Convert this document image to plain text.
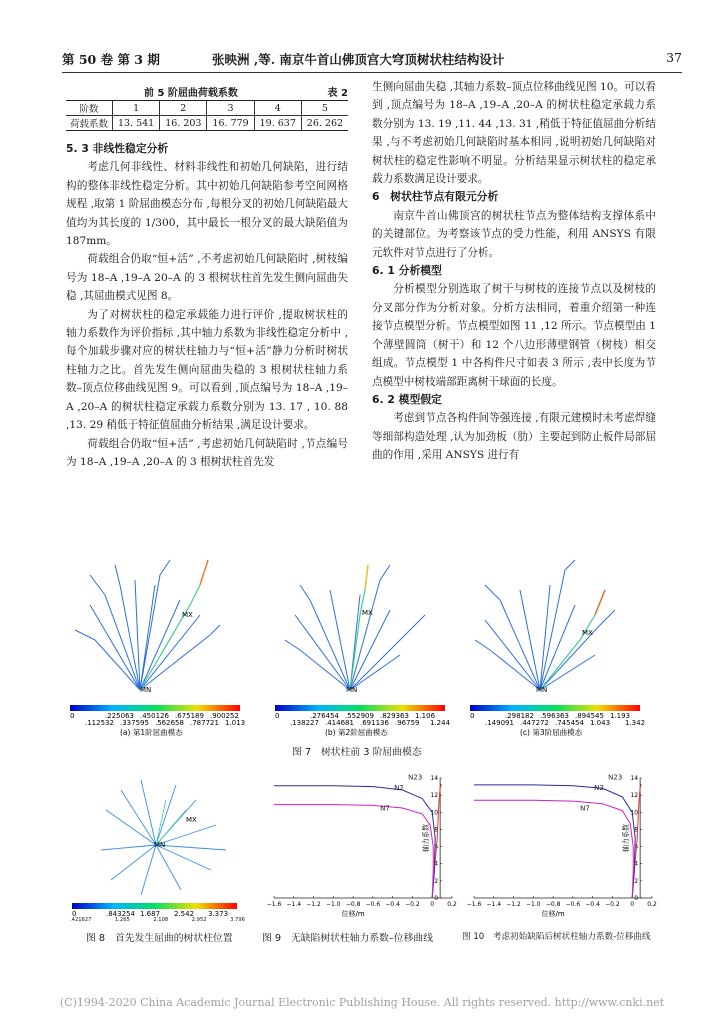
第 50 卷 第 3 期	张映洲 ,等. 南京牛首山佛顶宫大穹顶树状柱结构设计	37
前 5 阶屈曲荷载系数	表 2
阶数	1	2	3	4	5
荷载系数	13. 541	16. 203	16. 779	19. 637	26. 262
5. 3 非线性稳定分析

考虑几何非线性、材料非线性和初始几何缺陷，进行结构的整体非线性稳定分析。其中初始几何缺陷参考空间网格规程 ,取第 1 阶屈曲模态分布 ,每根分叉的初始几何缺陷最大值均为其长度的 1/300，其中最长一根分叉的最大缺陷值为 187mm。

荷载组合仍取“恒+活” ,不考虑初始几何缺陷时 ,树枝编号为 18–A ,19–A 20–A 的 3 根树状柱首先发生侧向屈曲失稳 ,其屈曲模式见图 8。

为了对树状柱的稳定承载能力进行评价 ,提取树状柱的轴力系数作为评价指标 ,其中轴力系数为非线性稳定分析中 ,每个加载步骤对应的树状柱轴力与“恒+活”静力分析时树状柱轴力之比。首先发生侧向屈曲失稳的 3 根树状柱轴力系数–顶点位移曲线见图 9。可以看到 ,顶点编号为 18–A ,19–A ,20–A 的树状柱稳定承载力系数分别为 13. 17 , 10. 88 ,13. 29 稍低于特征值屈曲分析结果 ,满足设计要求。

荷载组合仍取“恒+活” ,考虑初始几何缺陷时 ,节点编号为 18–A ,19–A ,20–A 的 3 根树状柱首先发

生侧向屈曲失稳 ,其轴力系数–顶点位移曲线见图 10。可以看到 ,顶点编号为 18–A ,19–A ,20–A 的树状柱稳定承载力系数分别为 13. 19 ,11. 44 ,13. 31 ,稍低于特征值屈曲分析结果 ,与不考虑初始几何缺陷时基本相同 ,说明初始几何缺陷对树状柱的稳定性影响不明显。分析结果显示树状柱的稳定承载力系数满足设计要求。

6　树状柱节点有限元分析

南京牛首山佛顶宫的树状柱节点为整体结构支撑体系中的关键部位。为考察该节点的受力性能，利用 ANSYS 有限元软件对节点进行了分析。

6. 1 分析模型

分析模型分别选取了树干与树枝的连接节点以及树枝的分叉部分作为分析对象。分析方法相同，着重介绍第一种连接节点模型分析。节点模型如图 11 ,12 所示。节点模型由 1 个薄壁圆筒（树干）和 12 个八边形薄壁钢管（树枝）相交组成。节点模型 1 中各构件尺寸如表 3 所示 ,表中长度为节点模型中树枝端部距离树干球面的长度。

6. 2 模型假定

考虑到节点各构件间等强连接 ,有限元建模时未考虑焊缝等细部构造处理 ,认为加劲板（肋）主要起到防止板件局部屈曲的作用 ,采用 ANSYS 进行有

MX
MN
0	.225063 .450126 .675189 .900252
.112532 .337595 .562658 .787721 1.013
(a) 第1阶屈曲模态
MX
MN
0	.276454 .552909 .829363 1.106
.138227 .414681 .691136 .96759 1.244
(b) 第2阶屈曲模态
MX
MN
0	.298182 .596363 .894545 1.193
.149091 .447272 .745454 1.043 1.342
(c) 第3阶屈曲模态
图 7　树状柱前 3 阶屈曲模态
MX
MN
0	.843254 1.687 2.542 3.373
.421627	1.265	2.108	2.952	3.796
−1.6 −1.4 −1.2 −1.0 −0.8 −0.6 −0.4 −0.2 0 0.2
0
2
4
6
8
10
12
14
位移/m
轴力系数
N23
N2
N7
−1.6 −1.4 −1.2 −1.0 −0.8 −0.6 −0.4 −0.2 0 0.2
0
2
4
6
8
10
12
14
位移/m
轴力系数
N23
N2
N7
图 8　首先发生屈曲的树状柱位置	图 9　无缺陷树状柱轴力系数–位移曲线	图 10　考虑初始缺陷后树状柱轴力系数-位移曲线
(C)1994-2020 China Academic Journal Electronic Publishing House. All rights reserved. http://www.cnki.net
